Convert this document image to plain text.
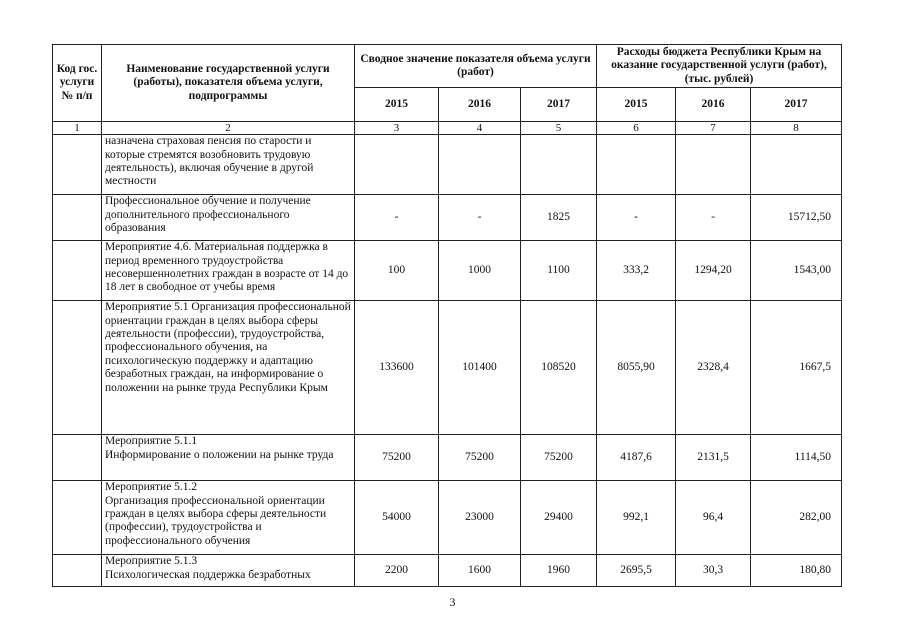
Код гос. услуги № п/п	Наименование государственной услуги (работы), показателя объема услуги, подпрограммы	Сводное значение показателя объема услуги (работ)			Расходы бюджета Республики Крым на оказание государственной услуги (работ), (тыс. рублей)		
		2015	2016	2017	2015	2016	2017
1	2	3	4	5	6	7	8
	назначена страховая пенсия по старости и которые стремятся возобновить трудовую деятельность), включая обучение в другой местности						
	Профессиональное обучение и получение дополнительного профессионального образования	-	-	1825	-	-	15712,50
	Мероприятие 4.6. Материальная поддержка в период временного трудоустройства несовершеннолетних граждан в возрасте от 14 до 18 лет в свободное от учебы время	100	1000	1100	333,2	1294,20	1543,00
	Мероприятие 5.1 Организация профессиональной ориентации граждан в целях выбора сферы деятельности (профессии), трудоустройства, профессионального обучения, на психологическую поддержку и адаптацию безработных граждан, на информирование о положении на рынке труда Республики Крым	133600	101400	108520	8055,90	2328,4	1667,5
	Мероприятие 5.1.1
Информирование о положении на рынке труда	75200	75200	75200	4187,6	2131,5	1114,50
	Мероприятие 5.1.2
Организация профессиональной ориентации граждан в целях выбора сферы деятельности (профессии), трудоустройства и профессионального обучения	54000	23000	29400	992,1	96,4	282,00
	Мероприятие 5.1.3
Психологическая поддержка безработных	2200	1600	1960	2695,5	30,3	180,80
3
